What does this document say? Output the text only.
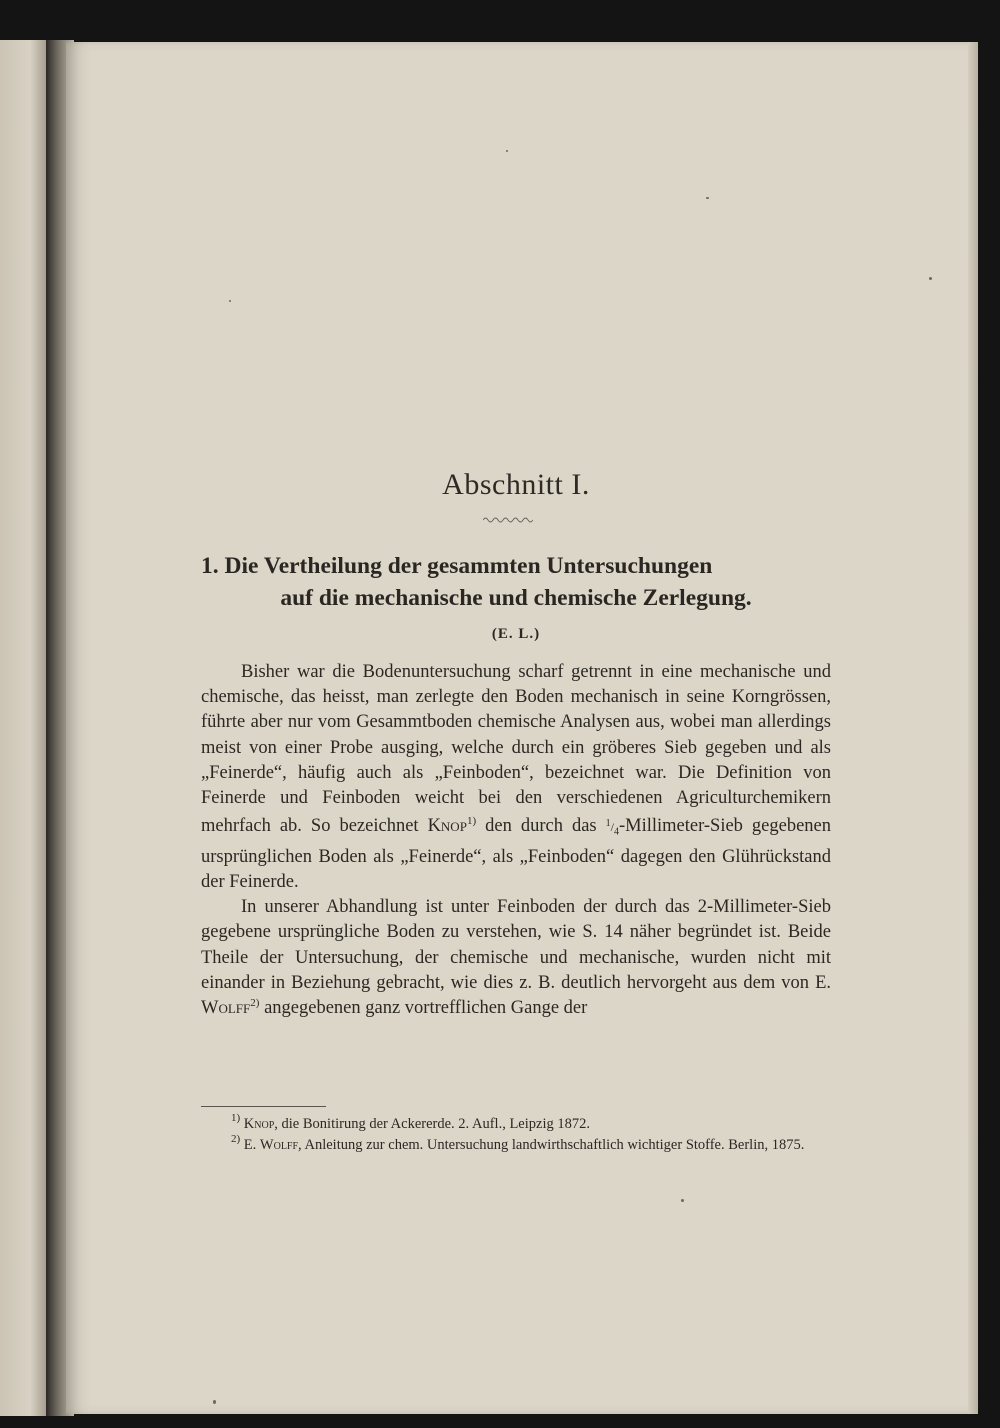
Abschnitt I.
1. Die Vertheilung der gesammten Untersuchungen
auf die mechanische und chemische Zerlegung.
(E. L.)

Bisher war die Bodenuntersuchung scharf getrennt in eine mechanische und chemische, das heisst, man zerlegte den Boden mechanisch in seine Korngrössen, führte aber nur vom Gesammtboden chemische Analysen aus, wobei man allerdings meist von einer Probe ausging, welche durch ein gröberes Sieb gegeben und als „Feinerde“, häufig auch als „Feinboden“, bezeichnet war. Die Definition von Feinerde und Feinboden weicht bei den verschiedenen Agriculturchemikern mehrfach ab. So bezeichnet Knop$^{1)}$ den durch das $^1/_4-Millimeter$-Sieb gegebenen ursprünglichen Boden als „Feinerde“, als „Feinboden“ dagegen den Glührückstand der Feinerde.

In unserer Abhandlung ist unter Feinboden der durch das 2-Millimeter-Sieb gegebene ursprüngliche Boden zu verstehen, wie S. 14 näher begründet ist. Beide Theile der Untersuchung, der chemische und mechanische, wurden nicht mit einander in Beziehung gebracht, wie dies z. B. deutlich hervorgeht aus dem von E. Wolff$^{2)}$ angegebenen ganz vortrefflichen Gange der

$^{1)}$ Knop, die Bonitirung der Ackererde. 2. Aufl., Leipzig 1872.

$^{2)}$ E. Wolff, Anleitung zur chem. Untersuchung landwirthschaftlich wichtiger Stoffe. Berlin, 1875.
